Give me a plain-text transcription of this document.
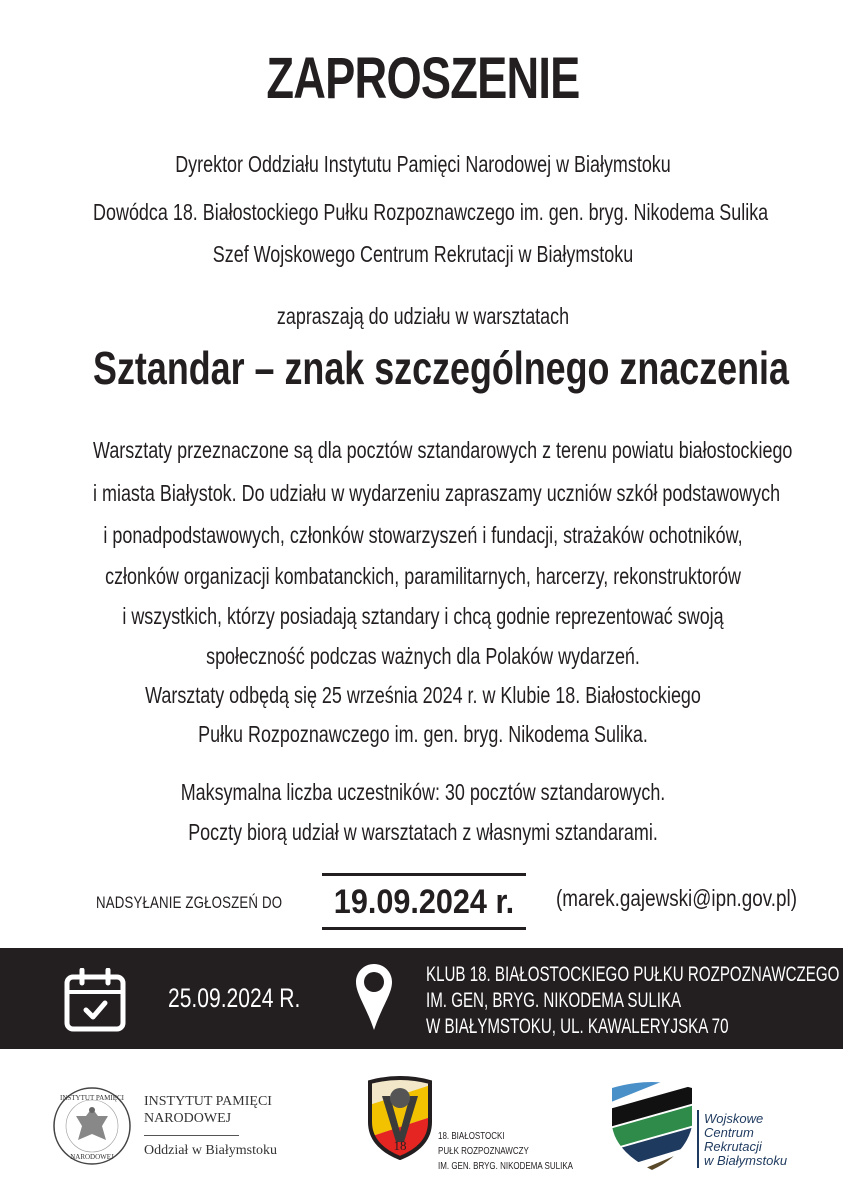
ZAPROSZENIE
Dyrektor Oddziału Instytutu Pamięci Narodowej w Białymstoku
Dowódca 18. Białostockiego Pułku Rozpoznawczego im. gen. bryg. Nikodema Sulika
Szef Wojskowego Centrum Rekrutacji w Białymstoku
zapraszają do udziału w warsztatach
Sztandar – znak szczególnego znaczenia
Warsztaty przeznaczone są dla pocztów sztandarowych z terenu powiatu białostockiego
i miasta Białystok. Do udziału w wydarzeniu zapraszamy uczniów szkół podstawowych
i ponadpodstawowych, członków stowarzyszeń i fundacji, strażaków ochotników,
członków organizacji kombatanckich, paramilitarnych, harcerzy, rekonstruktorów
i wszystkich, którzy posiadają sztandary i chcą godnie reprezentować swoją
społeczność podczas ważnych dla Polaków wydarzeń.
Warsztaty odbędą się 25 września 2024 r. w Klubie 18. Białostockiego
Pułku Rozpoznawczego im. gen. bryg. Nikodema Sulika.
Maksymalna liczba uczestników: 30 pocztów sztandarowych.
Poczty biorą udział w warsztatach z własnymi sztandarami.
NADSYŁANIE ZGŁOSZEŃ DO 19.09.2024 r. (marek.gajewski@ipn.gov.pl)
25.09.2024 R.
KLUB 18. BIAŁOSTOCKIEGO PUŁKU ROZPOZNAWCZEGO
IM. GEN, BRYG. NIKODEMA SULIKA
W BIAŁYMSTOKU, UL. KAWALERYJSKA 70
INSTYTUT PAMIĘCI
NARODOWEJ
INSTYTUT PAMIĘCI
NARODOWEJ
Oddział w Białymstoku	18
18. BIAŁOSTOCKI
PUŁK ROZPOZNAWCZY
IM. GEN. BRYG. NIKODEMA SULIKA
Wojskowe
Centrum
Rekrutacji
w Białymstoku
